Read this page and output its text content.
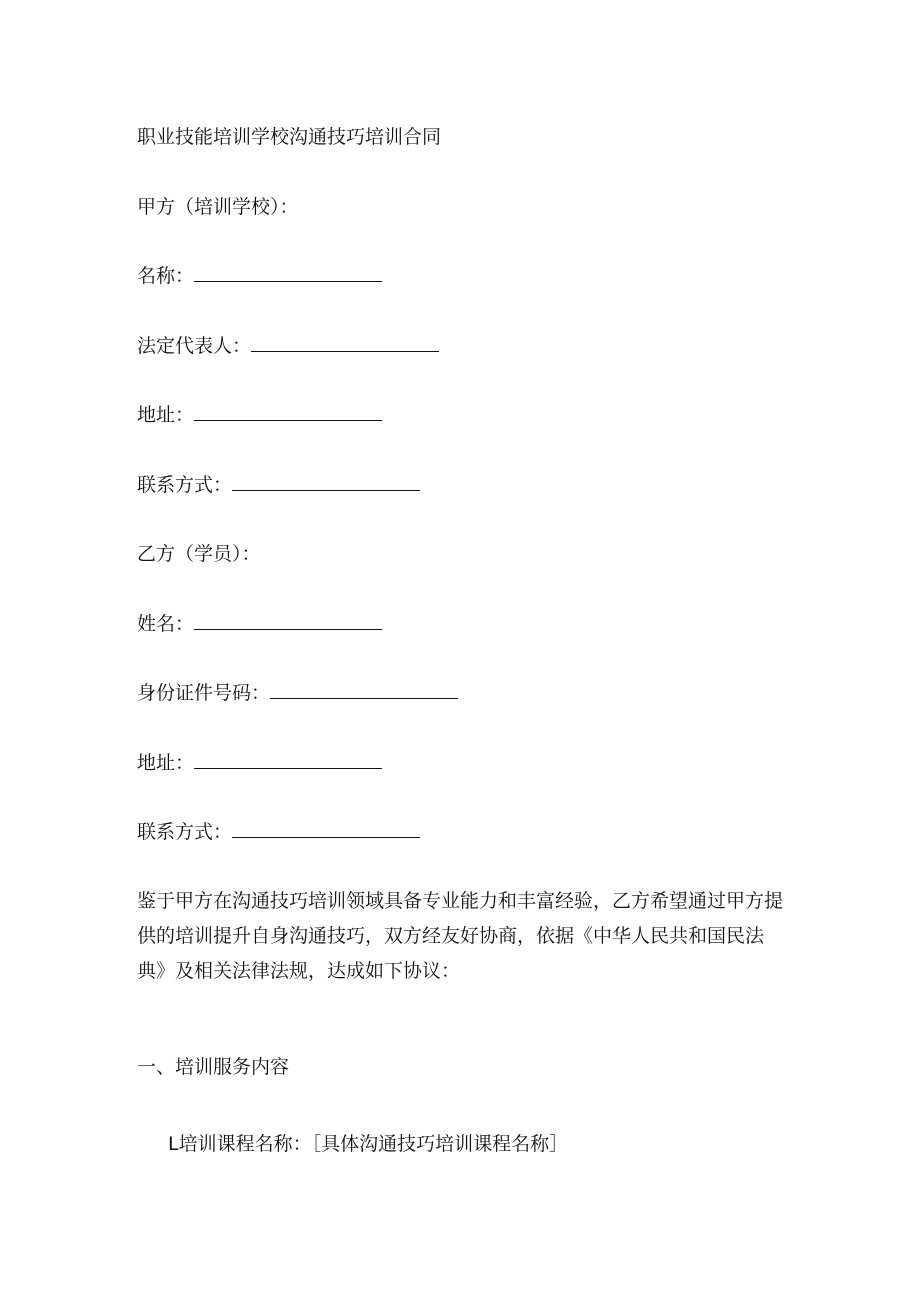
职业技能培训学校沟通技巧培训合同
甲方（培训学校）：
名称：
法定代表人：
地址：
联系方式：
乙方（学员）：
姓名：
身份证件号码：
地址：
联系方式：
鉴于甲方在沟通技巧培训领域具备专业能力和丰富经验，乙方希望通过甲方提供的培训提升自身沟通技巧，双方经友好协商，依据《中华人民共和国民法典》及相关法律法规，达成如下协议：
一、培训服务内容
L培训课程名称：［具体沟通技巧培训课程名称］
